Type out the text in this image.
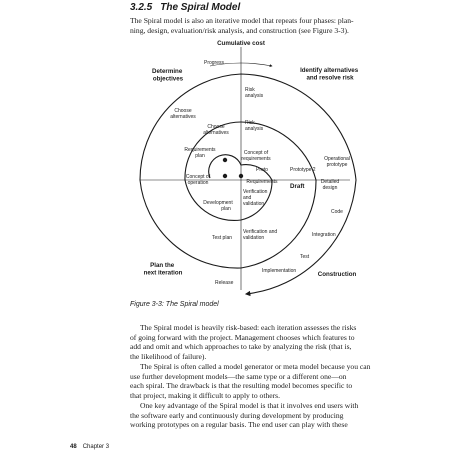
3.2.5 The Spiral Model

The Spiral model is also an iterative model that repeats four phases: plan-
ning, design, evaluation/risk analysis, and construction (see Figure 3-3).

Cumulative cost
Determine objectives
Identify alternatives and resolve risk
Plan the next iteration	Construction
Progress
Draft
Risk analysis
Risk analysis
Choose alternatives
Choose alternatives
Requirements plan	Concept of requirements
Proto	Prototype 2
Operational prototype
Concept of operation	Requirements	Detailed design
Development plan
Verification and validation
Code
Verification and validation	Integration
Test plan
Test
Implementation
Release
Figure 3-3: The Spiral model

The Spiral model is heavily risk-based: each iteration assesses the risks
of going forward with the project. Management chooses which features to
add and omit and which approaches to take by analyzing the risk (that is,
the likelihood of failure).

The Spiral is often called a model generator or meta model because you can
use further development models—the same type or a different one—on
each spiral. The drawback is that the resulting model becomes specific to
that project, making it difficult to apply to others.

One key advantage of the Spiral model is that it involves end users with
the software early and continuously during development by producing
working prototypes on a regular basis. The end user can play with these

48 Chapter 3
